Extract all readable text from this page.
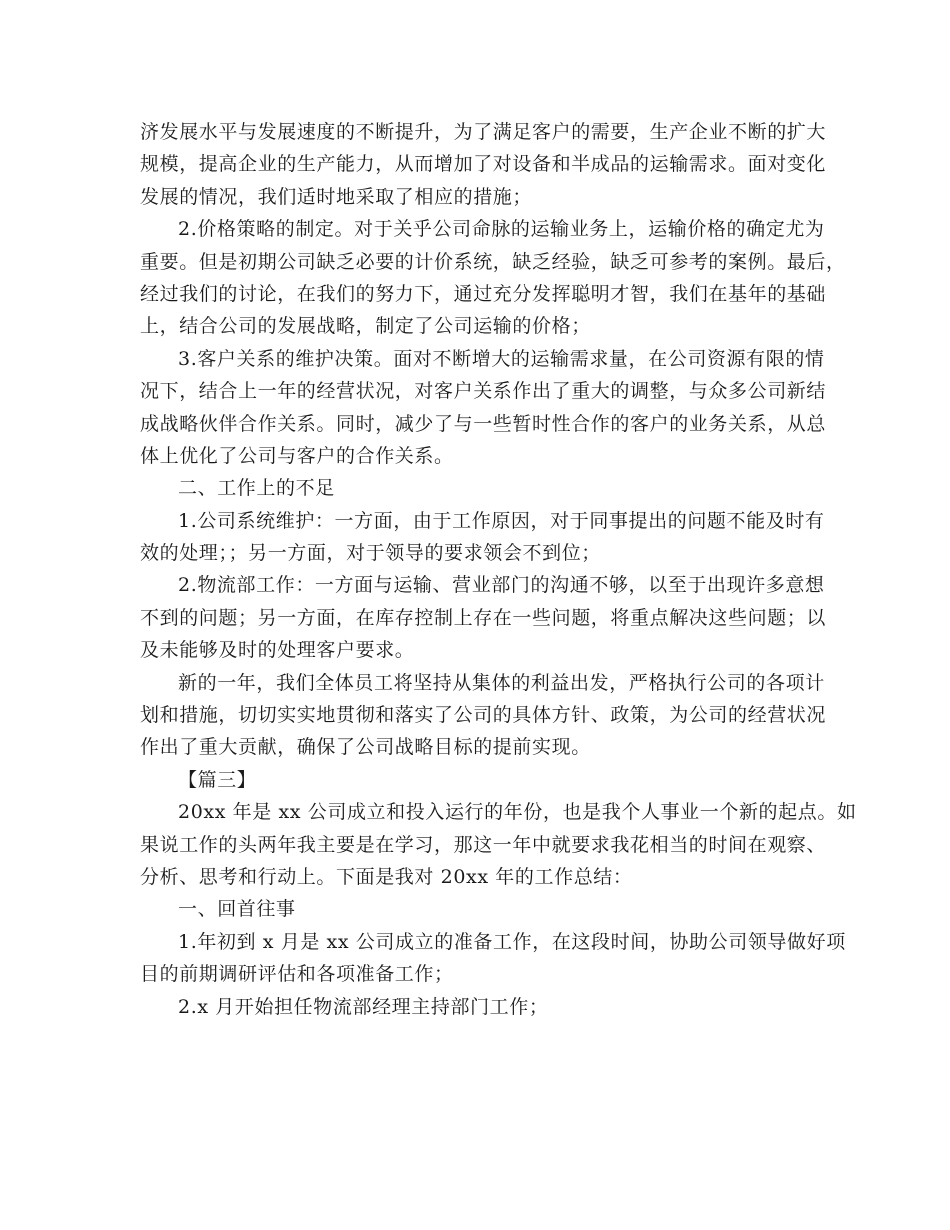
济发展水平与发展速度的不断提升，为了满足客户的需要，生产企业不断的扩大
规模，提高企业的生产能力，从而增加了对设备和半成品的运输需求。面对变化
发展的情况，我们适时地采取了相应的措施；
2.价格策略的制定。对于关乎公司命脉的运输业务上，运输价格的确定尤为
重要。但是初期公司缺乏必要的计价系统，缺乏经验，缺乏可参考的案例。最后，
经过我们的讨论，在我们的努力下，通过充分发挥聪明才智，我们在基年的基础
上，结合公司的发展战略，制定了公司运输的价格；
3.客户关系的维护决策。面对不断增大的运输需求量，在公司资源有限的情
况下，结合上一年的经营状况，对客户关系作出了重大的调整，与众多公司新结
成战略伙伴合作关系。同时，减少了与一些暂时性合作的客户的业务关系，从总
体上优化了公司与客户的合作关系。
二、工作上的不足
1.公司系统维护：一方面，由于工作原因，对于同事提出的问题不能及时有
效的处理；；另一方面，对于领导的要求领会不到位；
2.物流部工作：一方面与运输、营业部门的沟通不够，以至于出现许多意想
不到的问题；另一方面，在库存控制上存在一些问题，将重点解决这些问题；以
及未能够及时的处理客户要求。
新的一年，我们全体员工将坚持从集体的利益出发，严格执行公司的各项计
划和措施，切切实实地贯彻和落实了公司的具体方针、政策，为公司的经营状况
作出了重大贡献，确保了公司战略目标的提前实现。
【篇三】
20xx 年是 xx 公司成立和投入运行的年份，也是我个人事业一个新的起点。如
果说工作的头两年我主要是在学习，那这一年中就要求我花相当的时间在观察、
分析、思考和行动上。下面是我对 20xx 年的工作总结：
一、回首往事
1.年初到 x 月是 xx 公司成立的准备工作，在这段时间，协助公司领导做好项
目的前期调研评估和各项准备工作；
2.x 月开始担任物流部经理主持部门工作；
